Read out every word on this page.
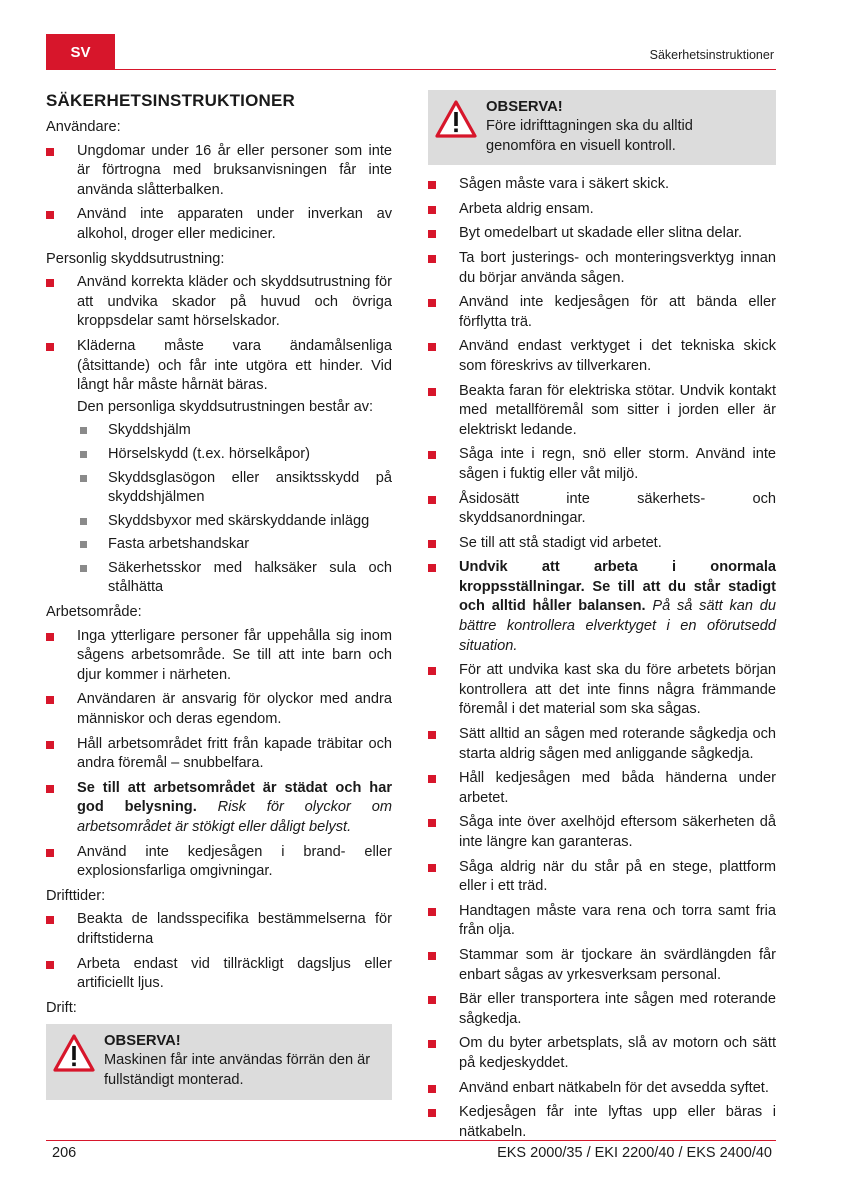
SV	Säkerhetsinstruktioner
SÄKERHETSINSTRUKTIONER
Användare:
Ungdomar under 16 år eller personer som inte är förtrogna med bruksanvisningen får inte använda slåtterbalken.
Använd inte apparaten under inverkan av alkohol, droger eller mediciner.
Personlig skyddsutrustning:
Använd korrekta kläder och skyddsutrustning för att undvika skador på huvud och övriga kroppsdelar samt hörselskador.
Kläderna måste vara ändamålsenliga (åtsittande) och får inte utgöra ett hinder. Vid långt hår måste hårnät bäras.
Den personliga skyddsutrustningen består av:
Skyddshjälm
Hörselskydd (t.ex. hörselkåpor)
Skyddsglasögon eller ansiktsskydd på skyddshjälmen
Skyddsbyxor med skärskyddande inlägg
Fasta arbetshandskar
Säkerhetsskor med halksäker sula och stålhätta
Arbetsområde:
Inga ytterligare personer får uppehålla sig inom sågens arbetsområde. Se till att inte barn och djur kommer i närheten.
Användaren är ansvarig för olyckor med andra människor och deras egendom.
Håll arbetsområdet fritt från kapade träbitar och andra föremål – snubbelfara.
Se till att arbetsområdet är städat och har god belysning. Risk för olyckor om arbetsområdet är stökigt eller dåligt belyst.
Använd inte kedjesågen i brand- eller explosionsfarliga omgivningar.
Drifttider:
Beakta de landsspecifika bestämmelserna för driftstiderna
Arbeta endast vid tillräckligt dagsljus eller artificiellt ljus.
Drift:
OBSERVA!
Maskinen får inte användas förrän den är fullständigt monterad.
OBSERVA!
Före idrifttagningen ska du alltid genomföra en visuell kontroll.
Sågen måste vara i säkert skick.
Arbeta aldrig ensam.
Byt omedelbart ut skadade eller slitna delar.
Ta bort justerings- och monteringsverktyg innan du börjar använda sågen.
Använd inte kedjesågen för att bända eller förflytta trä.
Använd endast verktyget i det tekniska skick som föreskrivs av tillverkaren.
Beakta faran för elektriska stötar. Undvik kontakt med metallföremål som sitter i jorden eller är elektriskt ledande.
Såga inte i regn, snö eller storm. Använd inte sågen i fuktig eller våt miljö.
Åsidosätt inte säkerhets- och skyddsanordningar.
Se till att stå stadigt vid arbetet.
Undvik att arbeta i onormala kroppsställningar. Se till att du står stadigt och alltid håller balansen. På så sätt kan du bättre kontrollera elverktyget i en oförutsedd situation.
För att undvika kast ska du före arbetets början kontrollera att det inte finns några främmande föremål i det material som ska sågas.
Sätt alltid an sågen med roterande sågkedja och starta aldrig sågen med anliggande sågkedja.
Håll kedjesågen med båda händerna under arbetet.
Såga inte över axelhöjd eftersom säkerheten då inte längre kan garanteras.
Såga aldrig när du står på en stege, plattform eller i ett träd.
Handtagen måste vara rena och torra samt fria från olja.
Stammar som är tjockare än svärdlängden får enbart sågas av yrkesverksam personal.
Bär eller transportera inte sågen med roterande sågkedja.
Om du byter arbetsplats, slå av motorn och sätt på kedjeskyddet.
Använd enbart nätkabeln för det avsedda syftet.
Kedjesågen får inte lyftas upp eller bäras i nätkabeln.
206	EKS 2000/35 / EKI 2200/40 / EKS 2400/40
